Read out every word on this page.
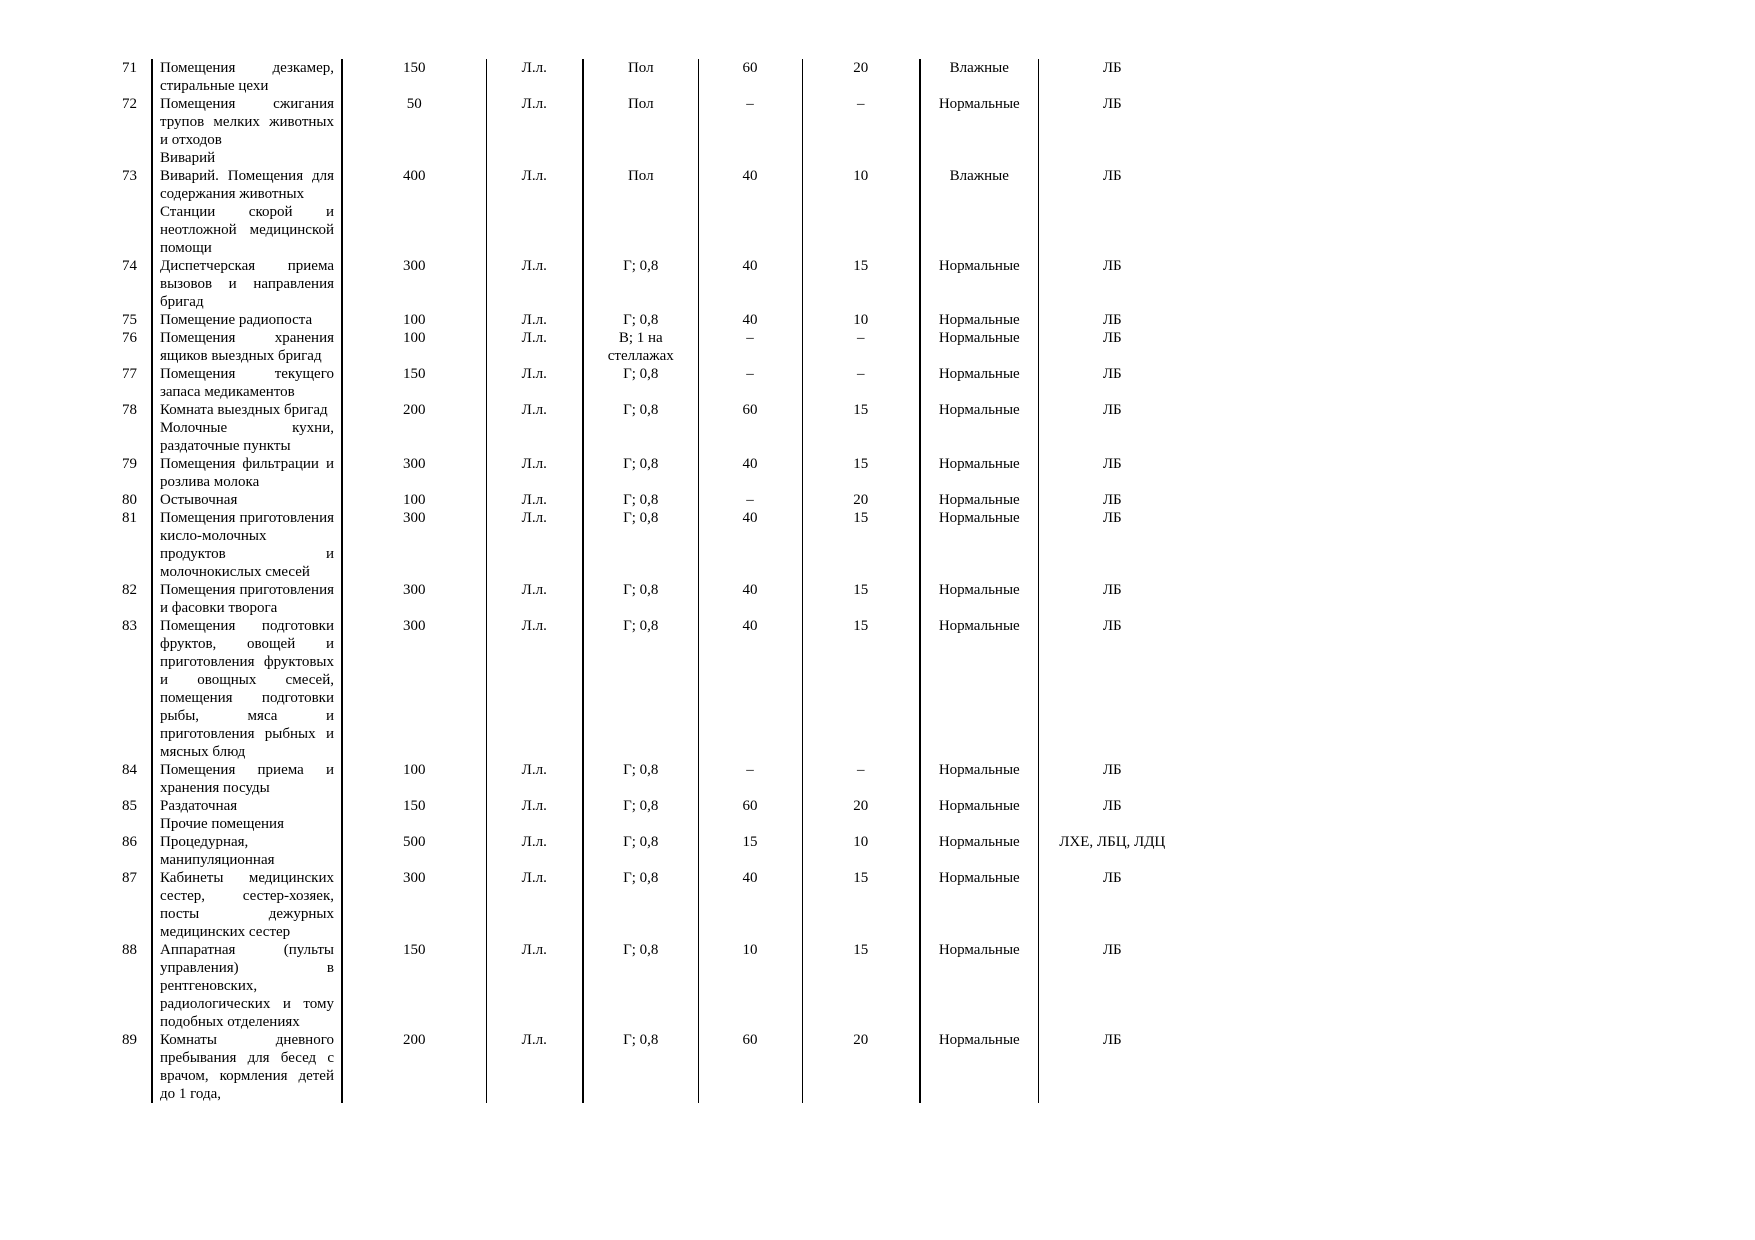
71	Помещения дезкамер, стиральные цехи	150	Л.л.	Пол	60	20	Влажные	ЛБ
72	Помещения сжигания трупов мелких животных и отходов	50	Л.л.	Пол	–	–	Нормальные	ЛБ
	Виварий							
73	Виварий. Помещения для содержания животных	400	Л.л.	Пол	40	10	Влажные	ЛБ
	Станции скорой и неотложной медицинской помощи							
74	Диспетчерская приема вызовов и направления бригад	300	Л.л.	Г; 0,8	40	15	Нормальные	ЛБ
75	Помещение радиопоста	100	Л.л.	Г; 0,8	40	10	Нормальные	ЛБ
76	Помещения хранения ящиков выездных бригад	100	Л.л.	В; 1 на стеллажах	–	–	Нормальные	ЛБ
77	Помещения текущего запаса медикаментов	150	Л.л.	Г; 0,8	–	–	Нормальные	ЛБ
78	Комната выездных бригад	200	Л.л.	Г; 0,8	60	15	Нормальные	ЛБ
	Молочные кухни, раздаточные пункты							
79	Помещения фильтрации и розлива молока	300	Л.л.	Г; 0,8	40	15	Нормальные	ЛБ
80	Остывочная	100	Л.л.	Г; 0,8	–	20	Нормальные	ЛБ
81	Помещения приготовления кисло-молочных продуктов и молочнокислых смесей	300	Л.л.	Г; 0,8	40	15	Нормальные	ЛБ
82	Помещения приготовления и фасовки творога	300	Л.л.	Г; 0,8	40	15	Нормальные	ЛБ
83	Помещения подготовки фруктов, овощей и приготовления фруктовых и овощных смесей, помещения подготовки рыбы, мяса и приготовления рыбных и мясных блюд	300	Л.л.	Г; 0,8	40	15	Нормальные	ЛБ
84	Помещения приема и хранения посуды	100	Л.л.	Г; 0,8	–	–	Нормальные	ЛБ
85	Раздаточная	150	Л.л.	Г; 0,8	60	20	Нормальные	ЛБ
	Прочие помещения							
86	Процедурная, манипуляционная	500	Л.л.	Г; 0,8	15	10	Нормальные	ЛХЕ, ЛБЦ, ЛДЦ
87	Кабинеты медицинских сестер, сестер-хозяек, посты дежурных медицинских сестер	300	Л.л.	Г; 0,8	40	15	Нормальные	ЛБ
88	Аппаратная (пульты управления) в рентгеновских, радиологических и тому подобных отделениях	150	Л.л.	Г; 0,8	10	15	Нормальные	ЛБ
89	Комнаты дневного пребывания для бесед с врачом, кормления детей до 1 года,	200	Л.л.	Г; 0,8	60	20	Нормальные	ЛБ
